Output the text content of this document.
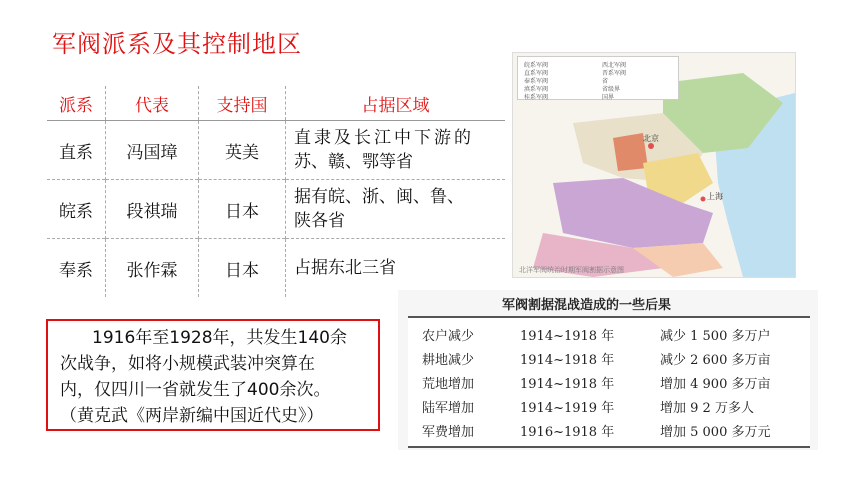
军阀派系及其控制地区
派系	代表	支持国	占据区域
直系	冯国璋	英美	直隶及长江中下游的
苏、赣、鄂等省

皖系	段祺瑞	日本	据有皖、浙、闽、鲁、
陕各省

奉系	张作霖	日本	占据东北三省
皖系军阀
直系军阀
奉系军阀
滇系军阀
桂系军阀
西北军阀
晋系军阀
省
省级界
国界
北京
上海
北洋军阀统治时期军阀割据示意图
1916年至1928年，共发生140余
次战争，如将小规模武装冲突算在
内，仅四川一省就发生了400余次。
（黄克武《两岸新编中国近代史》）
军阀割据混战造成的一些后果
农户减少	1914~1918 年	减少 1 500 多万户
耕地减少	1914~1918 年	减少 2 600 多万亩
荒地增加	1914~1918 年	增加 4 900 多万亩
陆军增加	1914~1919 年	增加 9 2 万多人
军费增加	1916~1918 年	增加 5 000 多万元
